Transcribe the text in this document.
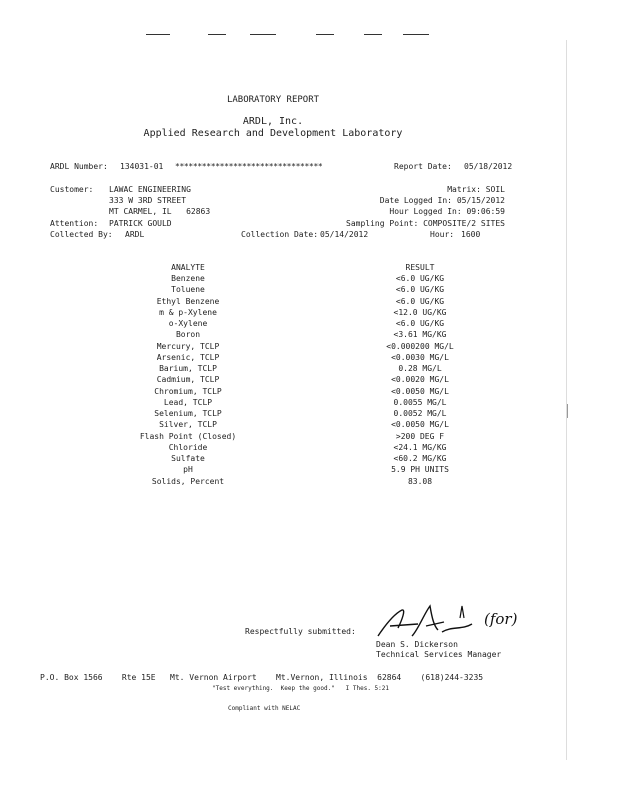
LABORATORY REPORT
ARDL, Inc.
Applied Research and Development Laboratory
ARDL Number: 134031-01 *********************************	Report Date: 05/18/2012
Customer: LAWAC ENGINEERING
333 W 3RD STREET
MT CARMEL, IL   62863
Matrix: SOIL
Date Logged In: 05/15/2012
Hour Logged In: 09:06:59
Attention: PATRICK GOULD	Sampling Point: COMPOSITE/2 SITES
Collected By: ARDL	Collection Date: 05/14/2012	Hour: 1600
ANALYTE	RESULT
Benzene	<6.0 UG/KG
Toluene	<6.0 UG/KG
Ethyl Benzene	<6.0 UG/KG
m & p-Xylene	<12.0 UG/KG
o-Xylene	<6.0 UG/KG
Boron	<3.61 MG/KG
Mercury, TCLP	<0.000200 MG/L
Arsenic, TCLP	<0.0030 MG/L
Barium, TCLP	0.28 MG/L
Cadmium, TCLP	<0.0020 MG/L
Chromium, TCLP	<0.0050 MG/L
Lead, TCLP	0.0055 MG/L
Selenium, TCLP	0.0052 MG/L
Silver, TCLP	<0.0050 MG/L
Flash Point (Closed)	>200 DEG F
Chloride	<24.1 MG/KG
Sulfate	<60.2 MG/KG
pH	5.9 PH UNITS
Solids, Percent	83.08
Respectfully submitted:
(for)
Dean S. Dickerson
Technical Services Manager
P.O. Box 1566    Rte 15E   Mt. Vernon Airport    Mt.Vernon, Illinois  62864    (618)244-3235
"Test everything.  Keep the good."   I Thes. 5:21
Compliant with NELAC
